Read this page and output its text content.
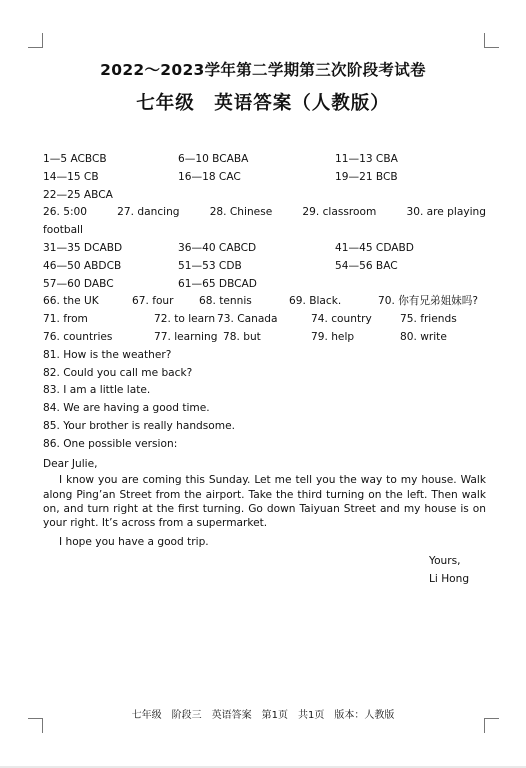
2022～2023学年第二学期第三次阶段考试卷
七年级　英语答案（人教版）
1—5 ACBCB	6—10 BCABA	11—13 CBA
14—15 CB	16—18 CAC	19—21 BCB
22—25 ABCA
26. 5:00	27. dancing	28. Chinese	29. classroom	30. are playing
football
31—35 DCABD	36—40 CABCD	41—45 CDABD
46—50 ABDCB	51—53 CDB	54—56 BAC
57—60 DABC	61—65 DBCAD
66. the UK	67. four 68. tennis	69. Black.	70. 你有兄弟姐妹吗?
71. from	72. to learn 73. Canada	74. country	75. friends
76. countries	77. learning 78. but	79. help	80. write
81. How is the weather?
82. Could you call me back?
83. I am a little late.
84. We are having a good time.
85. Your brother is really handsome.
86. One possible version:
Dear Julie,

I know you are coming this Sunday. Let me tell you the way to my house. Walk along Ping’an Street from the airport. Take the third turning on the left. Then walk on, and turn right at the first turning. Go down Taiyuan Street and my house is on your right. It’s across from a supermarket.

I hope you have a good trip.

Yours,
Li Hong
七年级　阶段三　英语答案　第1页　共1页　版本：人教版
